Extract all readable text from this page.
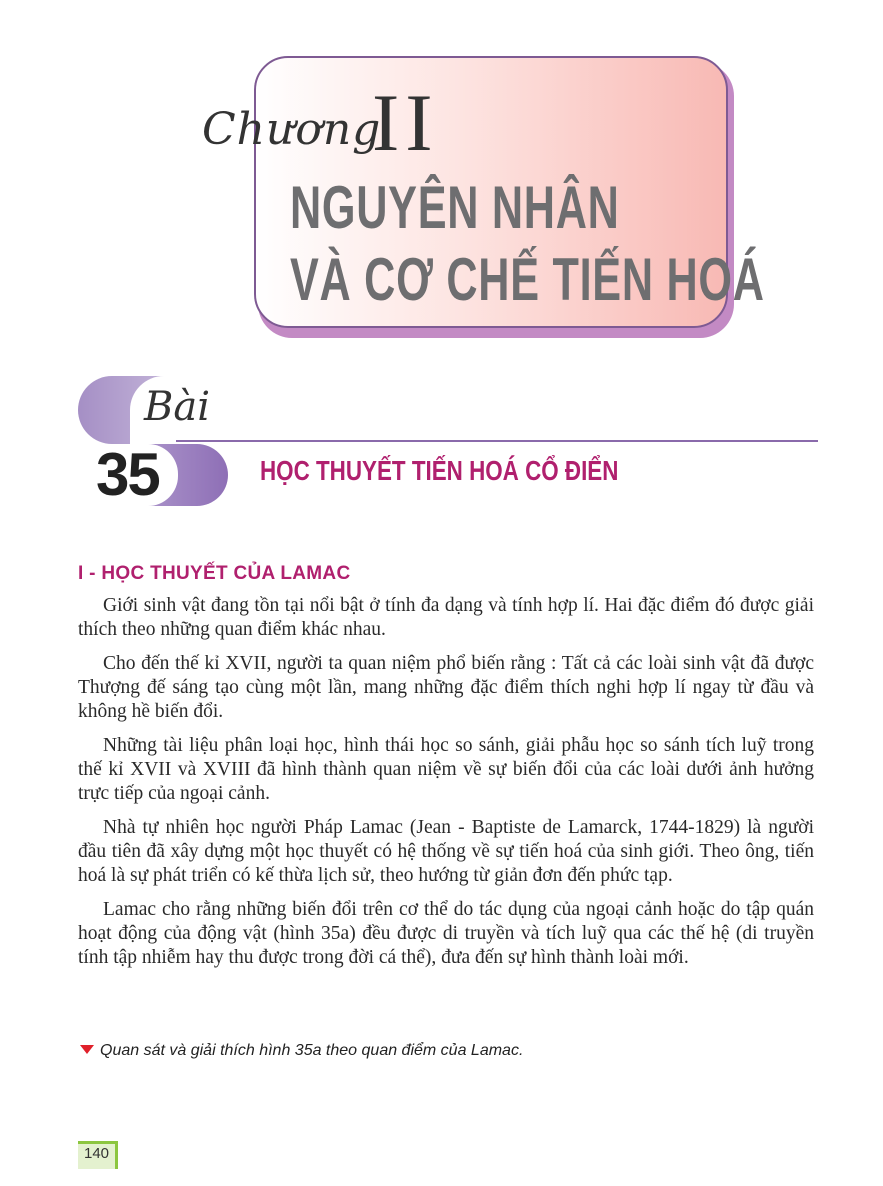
Chương
II
NGUYÊN NHÂN
VÀ CƠ CHẾ TIẾN HOÁ
Bài
35	HỌC THUYẾT TIẾN HOÁ CỔ ĐIỂN
I - HỌC THUYẾT CỦA LAMAC

Giới sinh vật đang tồn tại nổi bật ở tính đa dạng và tính hợp lí. Hai đặc điểm đó được giải thích theo những quan điểm khác nhau.

Cho đến thế kỉ XVII, người ta quan niệm phổ biến rằng : Tất cả các loài sinh vật đã được Thượng đế sáng tạo cùng một lần, mang những đặc điểm thích nghi hợp lí ngay từ đầu và không hề biến đổi.

Những tài liệu phân loại học, hình thái học so sánh, giải phẫu học so sánh tích luỹ trong thế kỉ XVII và XVIII đã hình thành quan niệm về sự biến đổi của các loài dưới ảnh hưởng trực tiếp của ngoại cảnh.

Nhà tự nhiên học người Pháp Lamac (Jean - Baptiste de Lamarck, 1744-1829) là người đầu tiên đã xây dựng một học thuyết có hệ thống về sự tiến hoá của sinh giới. Theo ông, tiến hoá là sự phát triển có kế thừa lịch sử, theo hướng từ giản đơn đến phức tạp.

Lamac cho rằng những biến đổi trên cơ thể do tác dụng của ngoại cảnh hoặc do tập quán hoạt động của động vật (hình 35a) đều được di truyền và tích luỹ qua các thế hệ (di truyền tính tập nhiễm hay thu được trong đời cá thể), đưa đến sự hình thành loài mới.

Quan sát và giải thích hình 35a theo quan điểm của Lamac.
140
